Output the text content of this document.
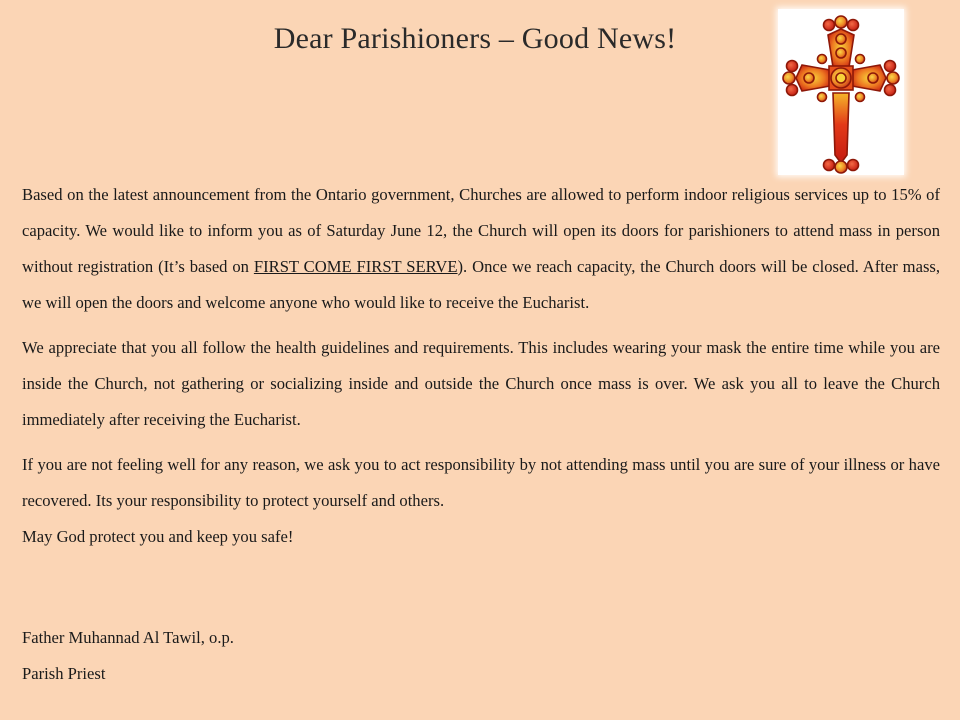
Dear Parishioners – Good News!

Based on the latest announcement from the Ontario government, Churches are allowed to perform indoor religious services up to 15% of capacity. We would like to inform you as of Saturday June 12, the Church will open its doors for parishioners to attend mass in person without registration (It’s based on FIRST COME FIRST SERVE). Once we reach capacity, the Church doors will be closed. After mass, we will open the doors and welcome anyone who would like to receive the Eucharist.

We appreciate that you all follow the health guidelines and requirements. This includes wearing your mask the entire time while you are inside the Church, not gathering or socializing inside and outside the Church once mass is over. We ask you all to leave the Church immediately after receiving the Eucharist.

If you are not feeling well for any reason, we ask you to act responsibility by not attending mass until you are sure of your illness or have recovered. Its your responsibility to protect yourself and others.

May God protect you and keep you safe!

Father Muhannad Al Tawil, o.p.
Parish Priest
